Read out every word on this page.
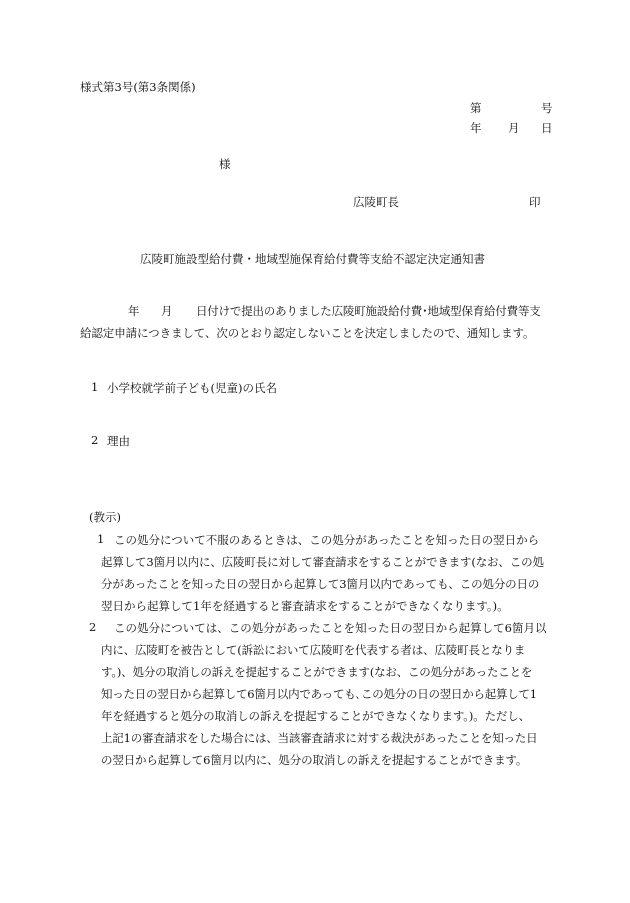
様式第3号(第3条関係)
第	号
年 月 日
様
広陵町長	印
広陵町施設型給付費・地域型施保育給付費等支給不認定決定通知書
年 月 日付けで提出のありました広陵町施設給付費･地域型保育給付費等支
給認定申請につきまして、次のとおり認定しないことを決定しましたので、通知します。
1 小学校就学前子ども(児童)の氏名
2 理由
(教示)
1 この処分について不服のあるときは、この処分があったことを知った日の翌日から
起算して3箇月以内に、広陵町長に対して審査請求をすることができます(なお、この処
分があったことを知った日の翌日から起算して3箇月以内であっても、この処分の日の
翌日から起算して1年を経過すると審査請求をすることができなくなります。)。
2 この処分については、この処分があったことを知った日の翌日から起算して6箇月以
内に、広陵町を被告として(訴訟において広陵町を代表する者は、広陵町長となりま
す。)、処分の取消しの訴えを提起することができます(なお、この処分があったことを
知った日の翌日から起算して6箇月以内であっても､この処分の日の翌日から起算して1
年を経過すると処分の取消しの訴えを提起することができなくなります。)。ただし、
上記1の審査請求をした場合には、当該審査請求に対する裁決があったことを知った日
の翌日から起算して6箇月以内に、処分の取消しの訴えを提起することができます。
